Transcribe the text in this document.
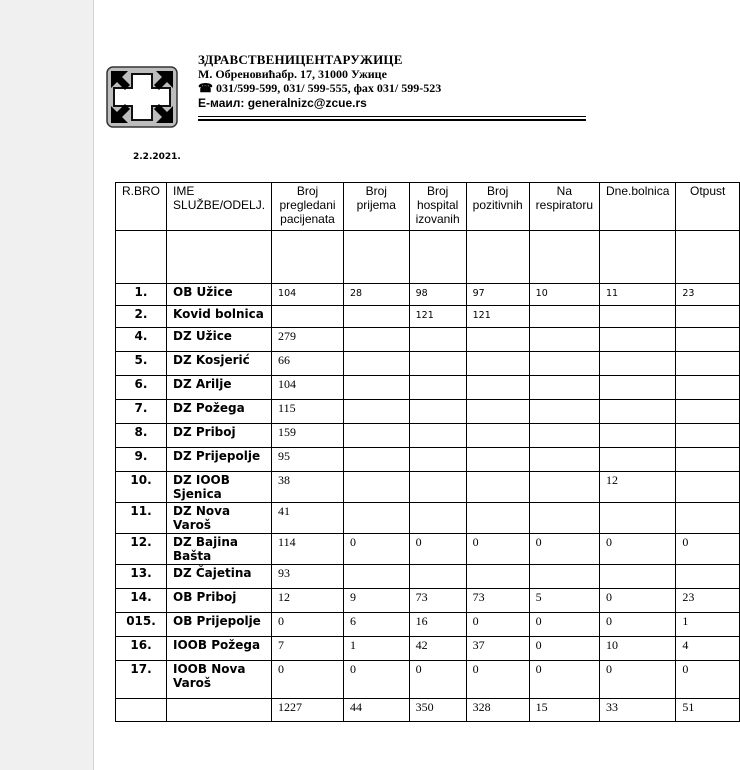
ЗДРАВСТВЕНИЦЕНТАРУЖИЦЕ
М. Обреновићабр. 17, 31000 Ужице
☎ 031/599-599, 031/ 599-555, фах 031/ 599-523
Е-маил: generalnizc@zcue.rs
2.2.2021.
R.BRO	IME SLUŽBE/ODELJ.	Broj pregledani pacijenata	Broj prijema	Broj hospital izovanih	Broj pozitivnih	Na respiratoru	Dne.bolnica	Otpust

1.	OB Užice	104	28	98	97	10	11	23
2.	Kovid bolnica			121	121			
4.	DZ Užice	279						
5.	DZ Kosjerić	66						
6.	DZ Arilje	104						
7.	DZ Požega	115						
8.	DZ Priboj	159						
9.	DZ Prijepolje	95						
10.	DZ IOOB Sjenica	38					12	
11.	DZ Nova Varoš	41						
12.	DZ Bajina Bašta	114	0	0	0	0	0	0
13.	DZ Čajetina	93						
14.	OB Priboj	12	9	73	73	5	0	23
015.	OB Prijepolje	0	6	16	0	0	0	1
16.	IOOB Požega	7	1	42	37	0	10	4
17.	IOOB Nova Varoš	0	0	0	0	0	0	0
		1227	44	350	328	15	33	51
